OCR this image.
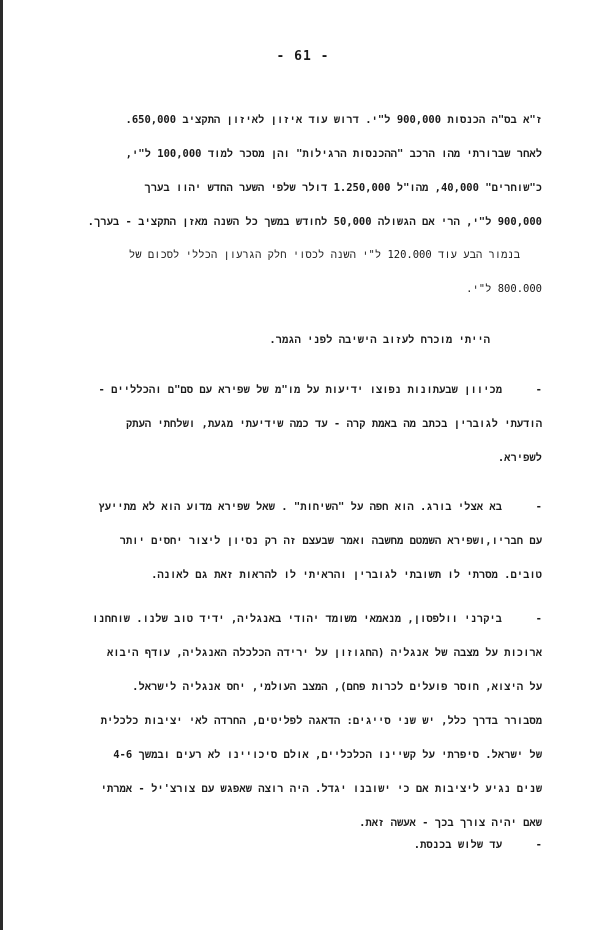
- 61 -
ז"א בס"ה הכנסות 900,000 ל"י. דרוש עוד איזון לאיזון התקציב 650,000.
לאחר שברורתי מהו הרכב "ההכנסות הרגילות" והן מסכר למוד 100,000 ל"י,
כ"שוחרים" 40,000, מהו"ל 1.250,000 דולר שלפי השער החדש יהוו בערך
900,000 ל"י, הרי אם הגשולה 50,000 לחודש במשך כל השנה מאזן התקציב - בערך.
בנמור הבע עוד 120.000 ל"י השנה לכסוי חלק הגרעון הכללי לסכום של
800.000 ל"י.
הייתי מוכרח לעזוב הישיבה לפני הגמר.
-מכיוון שבעתונות נפוצו ידיעות על מו"מ של שפירא עם סם"ם והכלליים -
הודעתי לגוברין בכתב מה באמת קרה - עד כמה שידיעתי מגעת, ושלחתי העתק
לשפירא.
-בא אצלי בורג. הוא חפה על "השיחות" . שאל שפירא מדוע הוא לא מתייעץ
עם חבריו,ושפירא השמטם מחשבה ואמר שבעצם זה רק נסיון ליצור יחסים יותר
טובים. מסרתי לו תשובתי לגוברין והראיתי לו להראות זאת גם לאונה.
-ביקרני וולפסון, מנאמאי משומד יהודי באנגליה, ידיד טוב שלנו. שוחחנו
ארוכות על מצבה של אנגליה (החגוזון על ירידה הכלכלה האנגליה, עודף היבוא
על היצוא, חוסר פועלים לכרות פחם), המצב העולמי, יחס אנגליה לישראל.
מסבורר בדרך כלל, יש שני סייגים: הדאגה לפליטים, החרדה לאי יציבות כלכלית
של ישראל. סיפרתי על קשיינו הכלכליים, אולם סיכויינו לא רעים ובמשך 4-6
שנים נגיע ליציבות אם כי ישובנו יגדל. היה רוצה שאפגש עם צורצ'יל - אמרתי
שאם יהיה צורך בכך - אעשה זאת.
-עד שלוש בכנסת.
